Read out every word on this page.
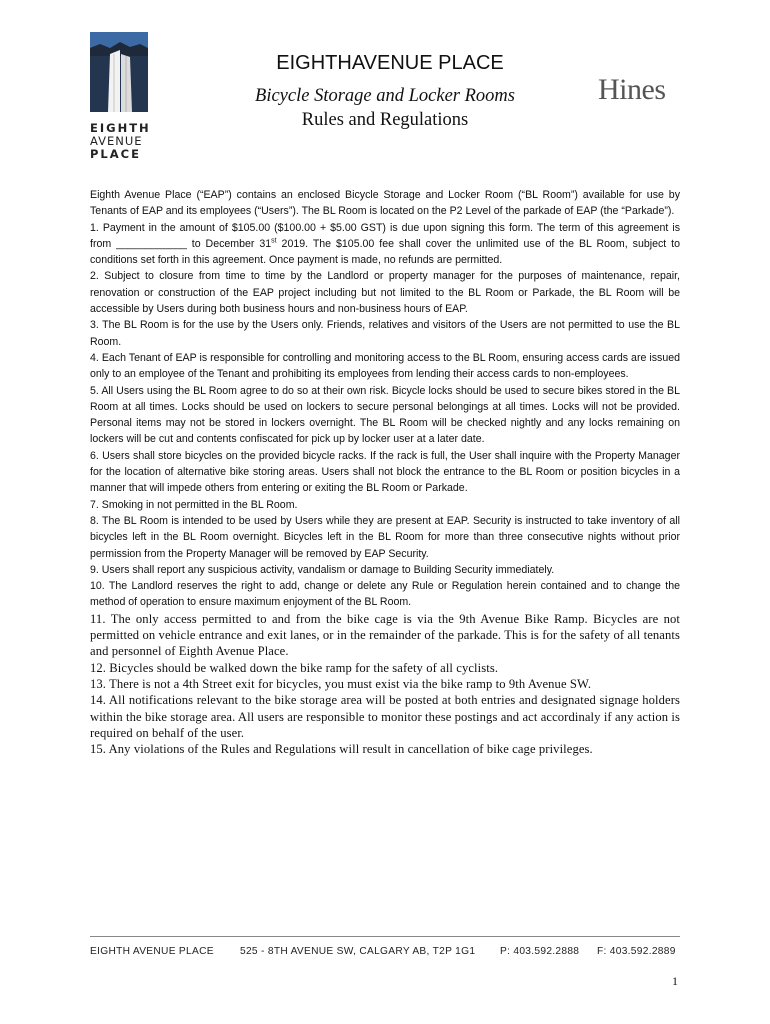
EIGHTH
AVENUE
PLACE
EIGHTHAVENUE PLACE
Bicycle Storage and Locker Rooms
Rules and Regulations
Hines

Eighth Avenue Place (“EAP”) contains an enclosed Bicycle Storage and Locker Room (“BL Room”) available for use by Tenants of EAP and its employees (“Users”). The BL Room is located on the P2 Level of the parkade of EAP (the “Parkade”).

1. Payment in the amount of $105.00 ($100.00 + $5.00 GST) is due upon signing this form. The term of this agreement is from ____________ to December 31st 2019. The $105.00 fee shall cover the unlimited use of the BL Room, subject to conditions set forth in this agreement. Once payment is made, no refunds are permitted.

2. Subject to closure from time to time by the Landlord or property manager for the purposes of maintenance, repair, renovation or construction of the EAP project including but not limited to the BL Room or Parkade, the BL Room will be accessible by Users during both business hours and non-business hours of EAP.

3. The BL Room is for the use by the Users only. Friends, relatives and visitors of the Users are not permitted to use the BL Room.

4. Each Tenant of EAP is responsible for controlling and monitoring access to the BL Room, ensuring access cards are issued only to an employee of the Tenant and prohibiting its employees from lending their access cards to non-employees.

5. All Users using the BL Room agree to do so at their own risk. Bicycle locks should be used to secure bikes stored in the BL Room at all times. Locks should be used on lockers to secure personal belongings at all times. Locks will not be provided. Personal items may not be stored in lockers overnight. The BL Room will be checked nightly and any locks remaining on lockers will be cut and contents confiscated for pick up by locker user at a later date.

6. Users shall store bicycles on the provided bicycle racks. If the rack is full, the User shall inquire with the Property Manager for the location of alternative bike storing areas. Users shall not block the entrance to the BL Room or position bicycles in a manner that will impede others from entering or exiting the BL Room or Parkade.

7. Smoking in not permitted in the BL Room.

8. The BL Room is intended to be used by Users while they are present at EAP. Security is instructed to take inventory of all bicycles left in the BL Room overnight. Bicycles left in the BL Room for more than three consecutive nights without prior permission from the Property Manager will be removed by EAP Security.

9. Users shall report any suspicious activity, vandalism or damage to Building Security immediately.

10. The Landlord reserves the right to add, change or delete any Rule or Regulation herein contained and to change the method of operation to ensure maximum enjoyment of the BL Room.

11. The only access permitted to and from the bike cage is via the 9th Avenue Bike Ramp. Bicycles are not permitted on vehicle entrance and exit lanes, or in the remainder of the parkade. This is for the safety of all tenants and personnel of Eighth Avenue Place.

12. Bicycles should be walked down the bike ramp for the safety of all cyclists.

13. There is not a 4th Street exit for bicycles, you must exist via the bike ramp to 9th Avenue SW.

14. All notifications relevant to the bike storage area will be posted at both entries and designated signage holders within the bike storage area. All users are responsible to monitor these postings and act accordinaly if any action is required on behalf of the user.

15. Any violations of the Rules and Regulations will result in cancellation of bike cage privileges.

EIGHTH AVENUE PLACE	525 - 8TH AVENUE SW, CALGARY AB, T2P 1G1 P: 403.592.2888 F: 403.592.2889
1
